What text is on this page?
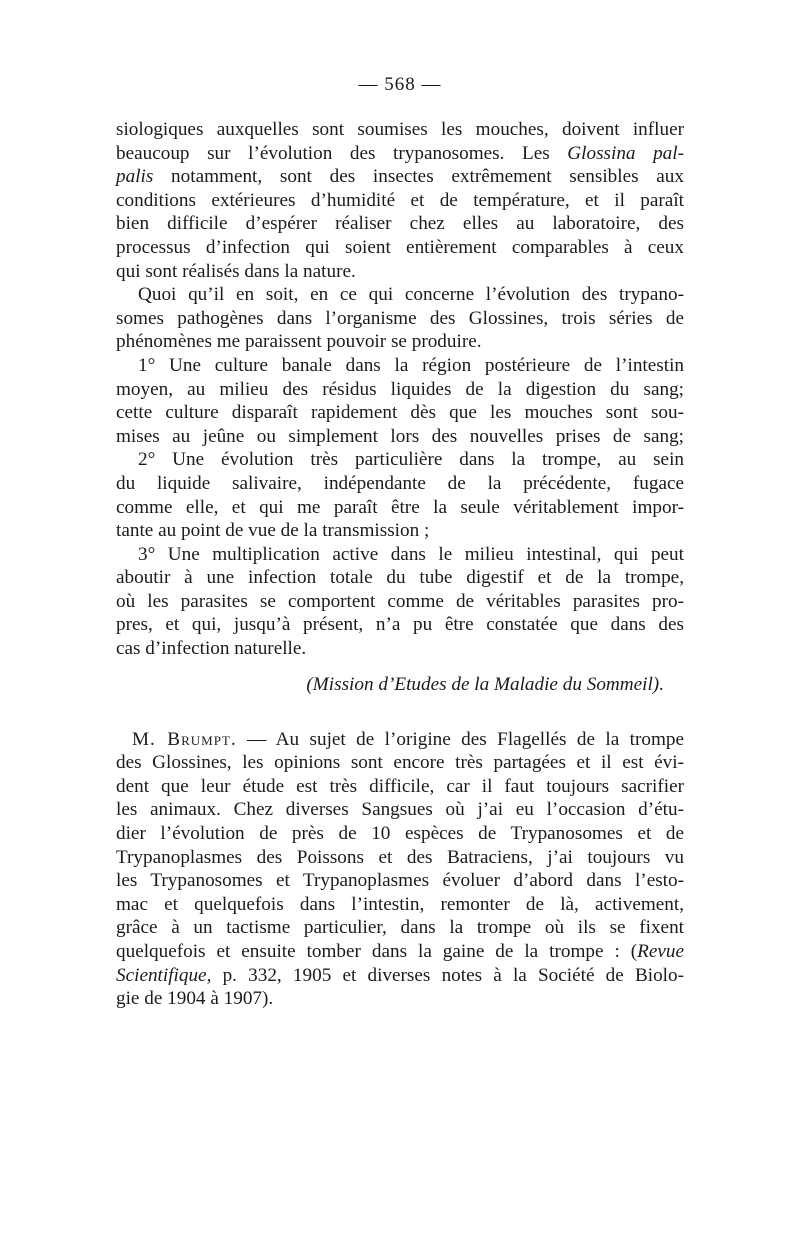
— 568 —
siologiques auxquelles sont soumises les mouches, doivent influer
beaucoup sur l’évolution des trypanosomes. Les Glossina pal-
palis notamment, sont des insectes extrêmement sensibles aux
conditions extérieures d’humidité et de température, et il paraît
bien difficile d’espérer réaliser chez elles au laboratoire, des
processus d’infection qui soient entièrement comparables à ceux
qui sont réalisés dans la nature.
Quoi qu’il en soit, en ce qui concerne l’évolution des trypano-
somes pathogènes dans l’organisme des Glossines, trois séries de
phénomènes me paraissent pouvoir se produire.
1° Une culture banale dans la région postérieure de l’intestin
moyen, au milieu des résidus liquides de la digestion du sang;
cette culture disparaît rapidement dès que les mouches sont sou-
mises au jeûne ou simplement lors des nouvelles prises de sang;
2° Une évolution très particulière dans la trompe, au sein
du liquide salivaire, indépendante de la précédente, fugace
comme elle, et qui me paraît être la seule véritablement impor-
tante au point de vue de la transmission ;
3° Une multiplication active dans le milieu intestinal, qui peut
aboutir à une infection totale du tube digestif et de la trompe,
où les parasites se comportent comme de véritables parasites pro-
pres, et qui, jusqu’à présent, n’a pu être constatée que dans des
cas d’infection naturelle.
(Mission d’Etudes de la Maladie du Sommeil).
M. Brumpt. — Au sujet de l’origine des Flagellés de la trompe
des Glossines, les opinions sont encore très partagées et il est évi-
dent que leur étude est très difficile, car il faut toujours sacrifier
les animaux. Chez diverses Sangsues où j’ai eu l’occasion d’étu-
dier l’évolution de près de 10 espèces de Trypanosomes et de
Trypanoplasmes des Poissons et des Batraciens, j’ai toujours vu
les Trypanosomes et Trypanoplasmes évoluer d’abord dans l’esto-
mac et quelquefois dans l’intestin, remonter de là, activement,
grâce à un tactisme particulier, dans la trompe où ils se fixent
quelquefois et ensuite tomber dans la gaine de la trompe : (Revue
Scientifique, p. 332, 1905 et diverses notes à la Société de Biolo-
gie de 1904 à 1907).
